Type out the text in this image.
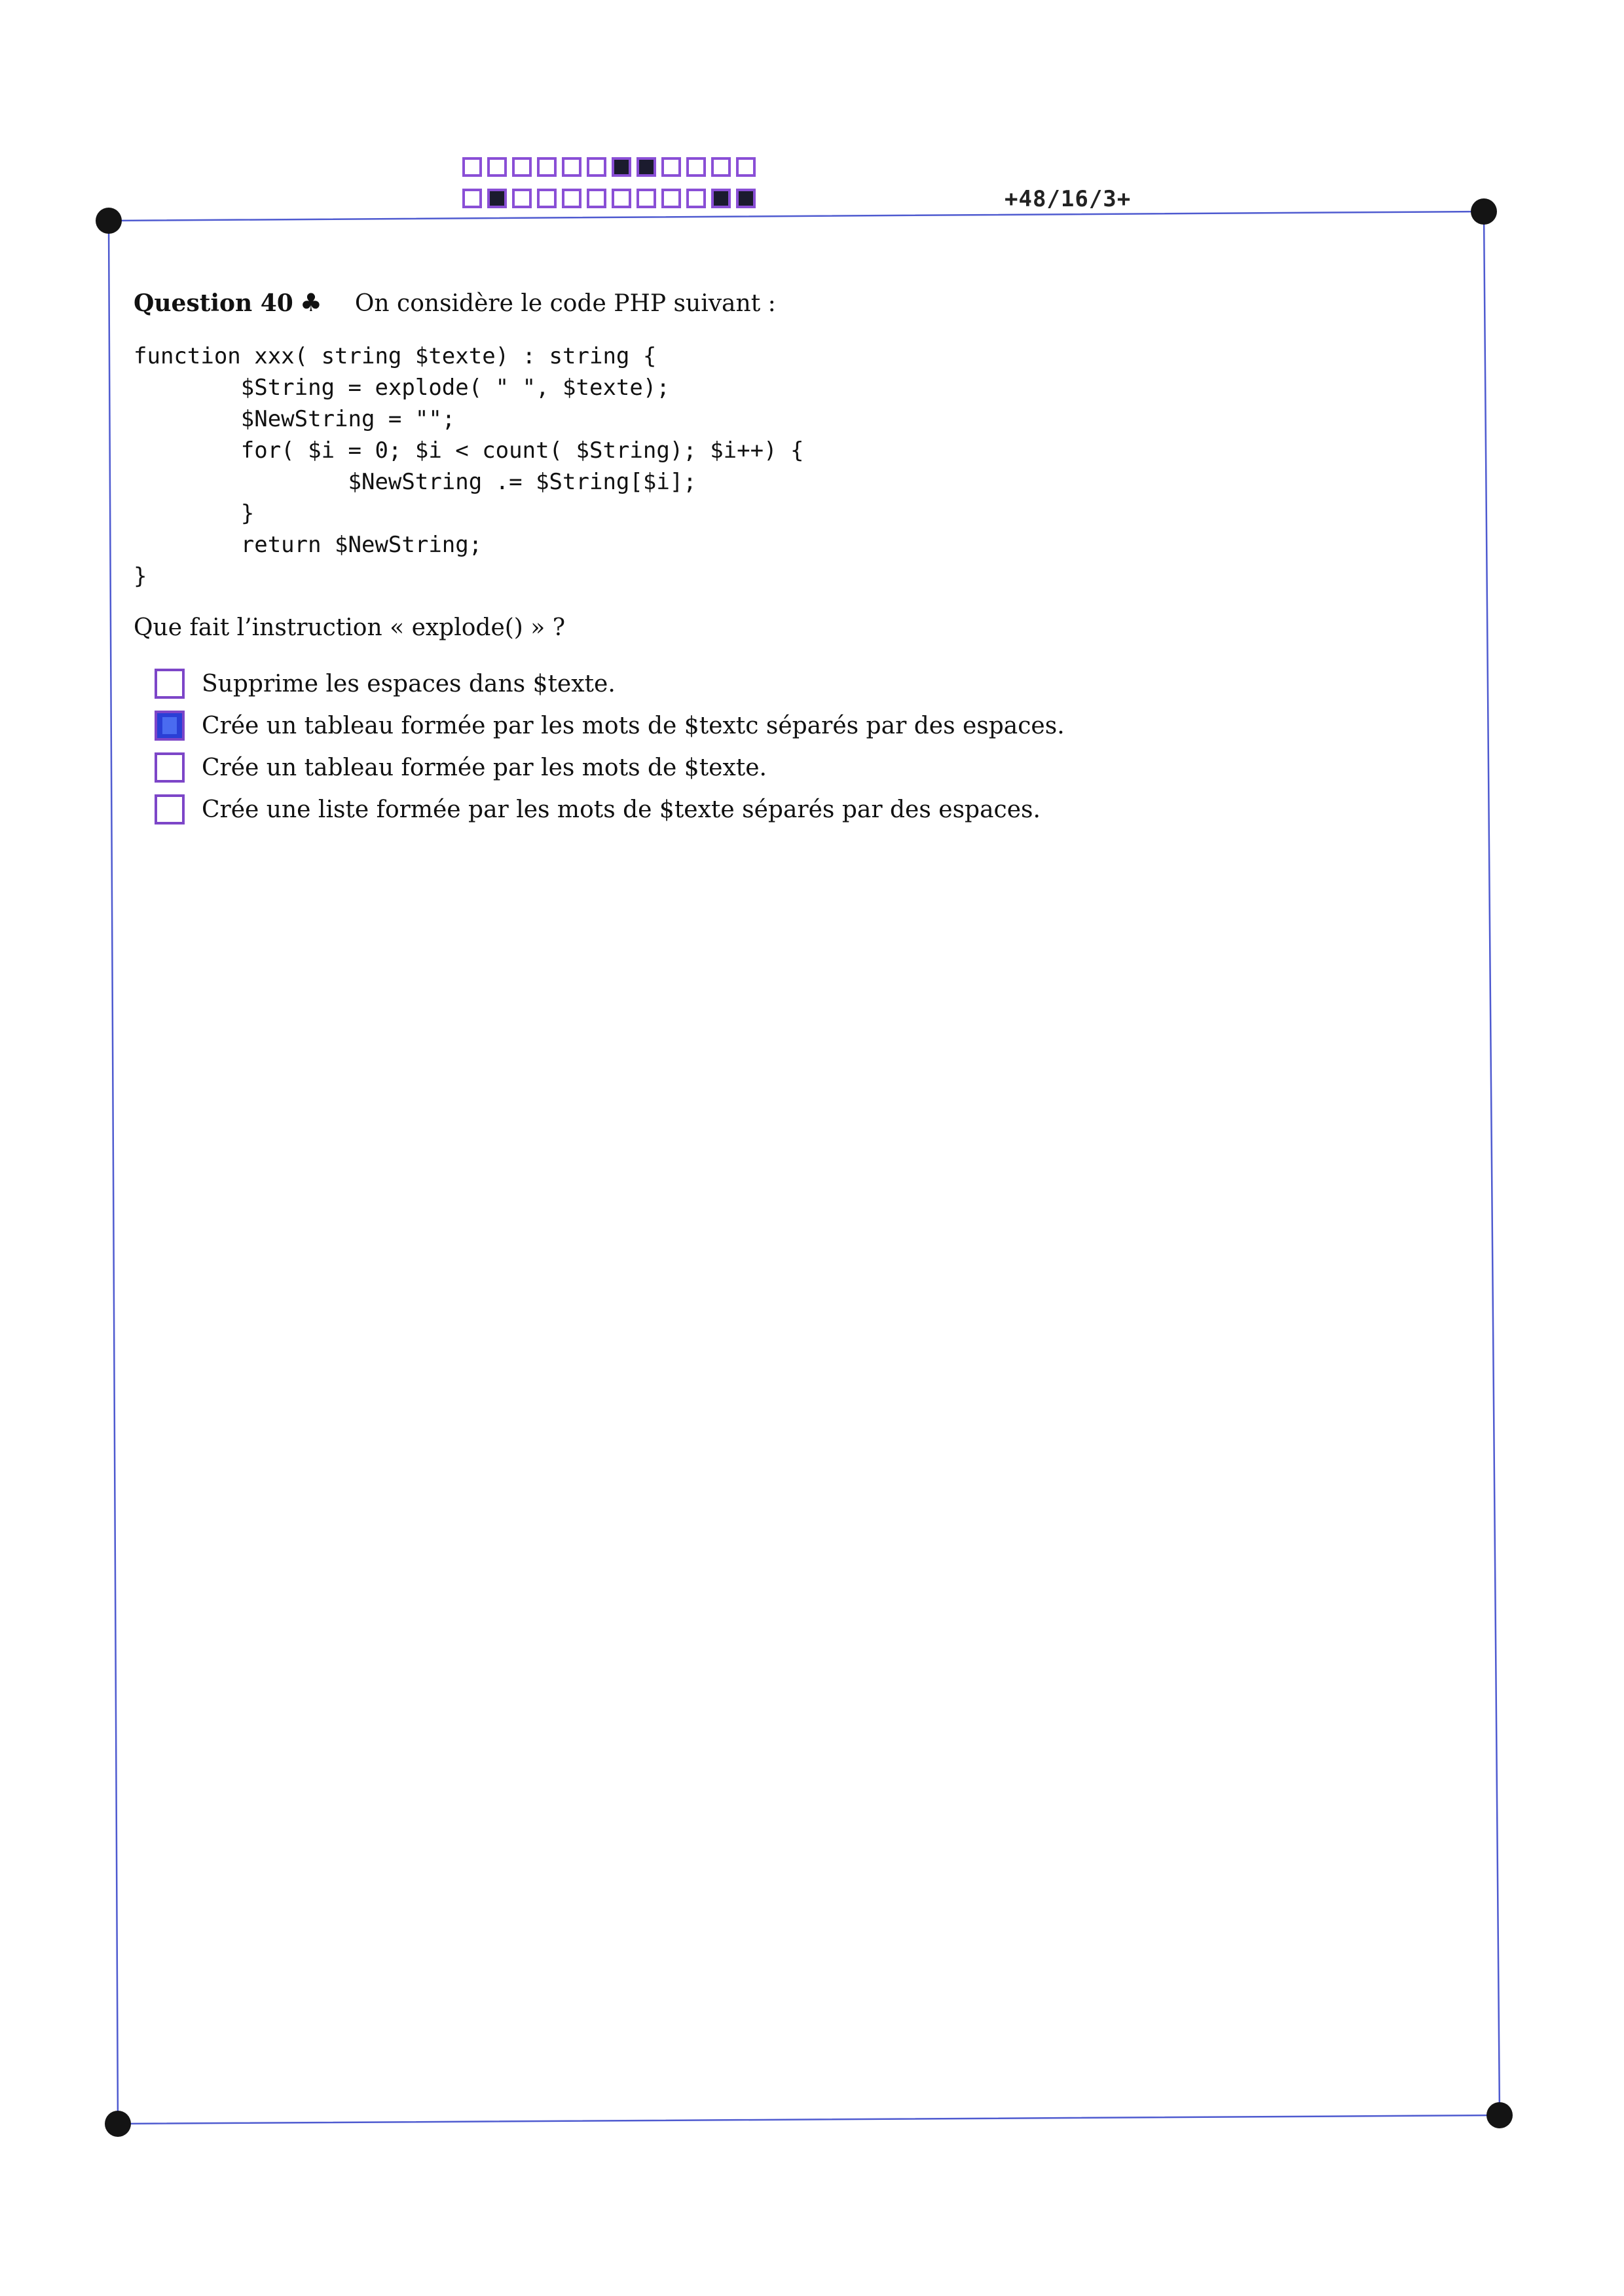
+48/16/3+
Question 40 ♣ On considère le code PHP suivant :
function xxx( string $texte) : string {
$String = explode( " ", $texte);
$NewString = "";
for( $i = 0; $i < count( $String); $i++) {
$NewString .= $String[$i];
}
return $NewString;
}
Que fait l’instruction « explode() » ?
Supprime les espaces dans $texte.
Crée un tableau formée par les mots de $textc séparés par des espaces.
Crée un tableau formée par les mots de $texte.
Crée une liste formée par les mots de $texte séparés par des espaces.
